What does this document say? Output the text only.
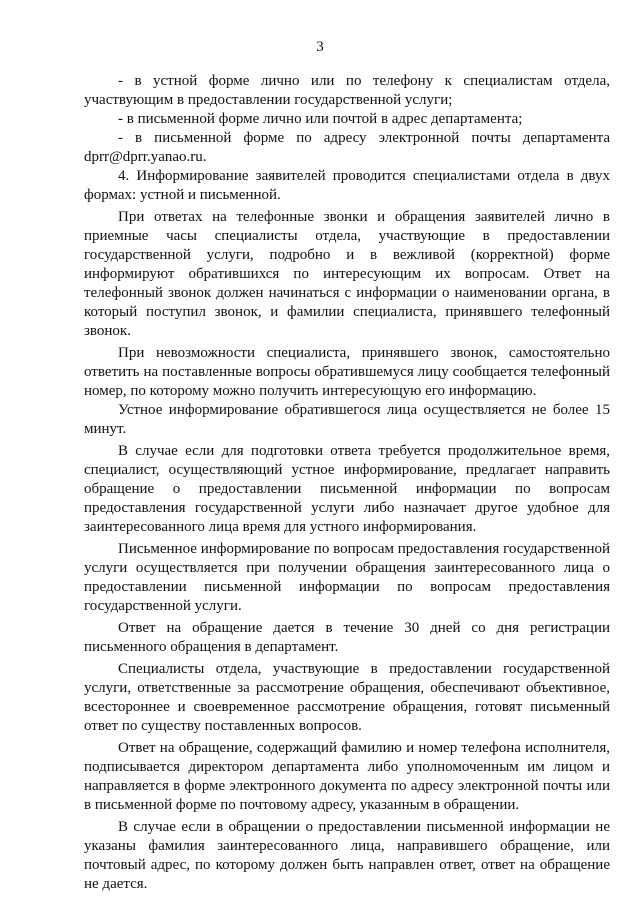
3

- в устной форме лично или по телефону к специалистам отдела, участвующим в предоставлении государственной услуги;

- в письменной форме лично или почтой в адрес департамента;

- в письменной форме по адресу электронной почты департамента dprr@dprr.yanao.ru.

4. Информирование заявителей проводится специалистами отдела в двух формах: устной и письменной.

При ответах на телефонные звонки и обращения заявителей лично в приемные часы специалисты отдела, участвующие в предоставлении государственной услуги, подробно и в вежливой (корректной) форме информируют обратившихся по интересующим их вопросам. Ответ на телефонный звонок должен начинаться с информации о наименовании органа, в который поступил звонок, и фамилии специалиста, принявшего телефонный звонок.

При невозможности специалиста, принявшего звонок, самостоятельно ответить на поставленные вопросы обратившемуся лицу сообщается телефонный номер, по которому можно получить интересующую его информацию.

Устное информирование обратившегося лица осуществляется не более 15 минут.

В случае если для подготовки ответа требуется продолжительное время, специалист, осуществляющий устное информирование, предлагает направить обращение о предоставлении письменной информации по вопросам предоставления государственной услуги либо назначает другое удобное для заинтересованного лица время для устного информирования.

Письменное информирование по вопросам предоставления государственной услуги осуществляется при получении обращения заинтересованного лица о предоставлении письменной информации по вопросам предоставления государственной услуги.

Ответ на обращение дается в течение 30 дней со дня регистрации письменного обращения в департамент.

Специалисты отдела, участвующие в предоставлении государственной услуги, ответственные за рассмотрение обращения, обеспечивают объективное, всестороннее и своевременное рассмотрение обращения, готовят письменный ответ по существу поставленных вопросов.

Ответ на обращение, содержащий фамилию и номер телефона исполнителя, подписывается директором департамента либо уполномоченным им лицом и направляется в форме электронного документа по адресу электронной почты или в письменной форме по почтовому адресу, указанным в обращении.

В случае если в обращении о предоставлении письменной информации не указаны фамилия заинтересованного лица, направившего обращение, или почтовый адрес, по которому должен быть направлен ответ, ответ на обращение не дается.
